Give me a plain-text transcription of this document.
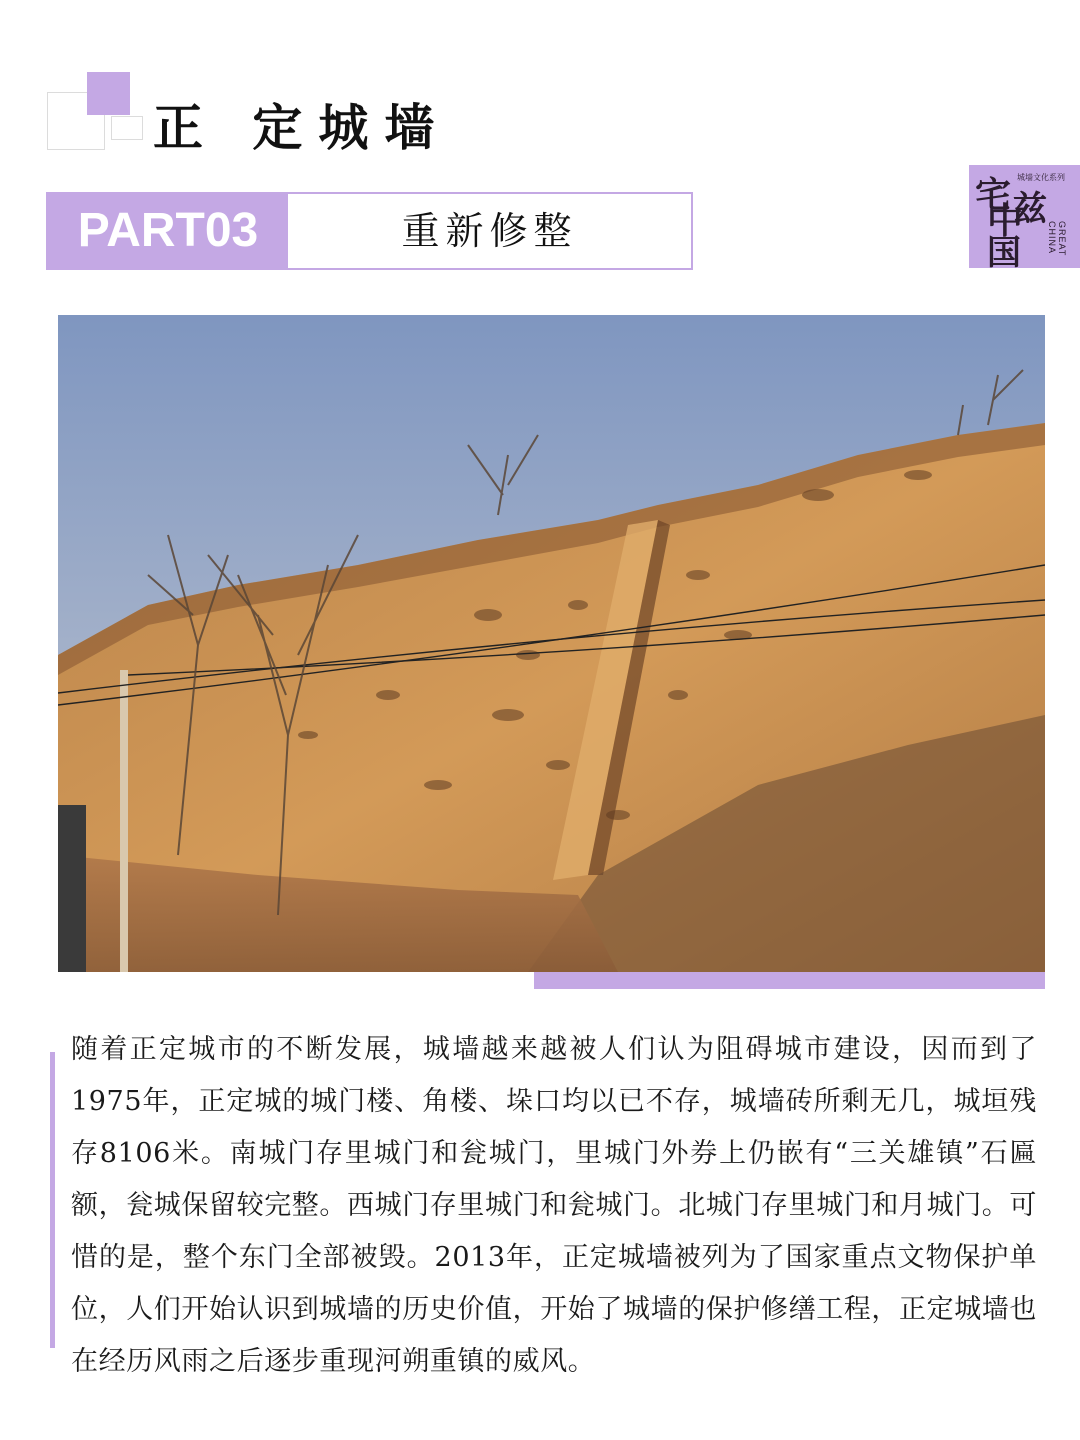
正 定城墙
PART03	重新修整
宅 城墙文化系列
兹
中
国	GREAT
CHINA

随着正定城市的不断发展，城墙越来越被人们认为阻碍城市建设，因而到了1975年，正定城的城门楼、角楼、垛口均以已不存，城墙砖所剩无几，城垣残存8106米。南城门存里城门和瓮城门，里城门外券上仍嵌有“三关雄镇”石匾额，瓮城保留较完整。西城门存里城门和瓮城门。北城门存里城门和月城门。可惜的是，整个东门全部被毁。2013年，正定城墙被列为了国家重点文物保护单位，人们开始认识到城墙的历史价值，开始了城墙的保护修缮工程，正定城墙也在经历风雨之后逐步重现河朔重镇的威风。
